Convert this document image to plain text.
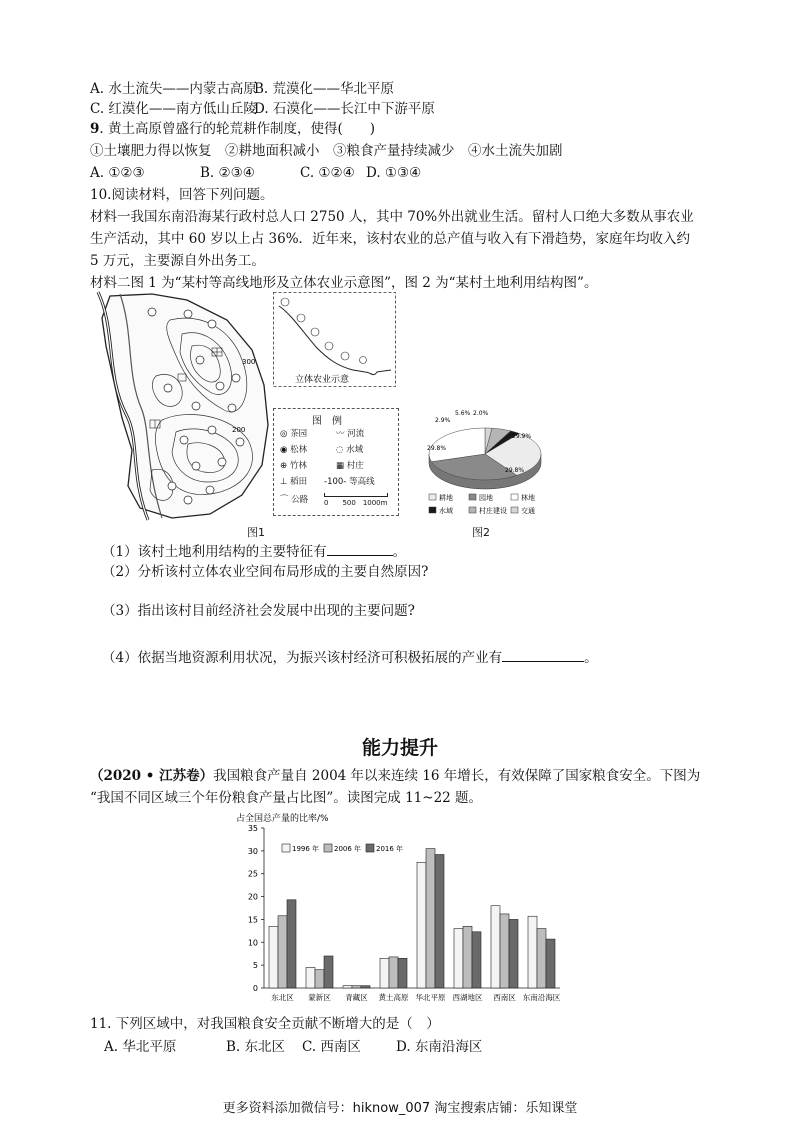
A. 水土流失——内蒙古高原
B. 荒漠化——华北平原
C. 红漠化——南方低山丘陵
D. 石漠化——长江中下游平原
9. 黄土高原曾盛行的轮荒耕作制度，使得(　　)
①土壤肥力得以恢复　②耕地面积减小　③粮食产量持续减少　④水土流失加剧
A. ①②③	B. ②③④	C. ①②④ D. ①③④
10.阅读材料，回答下列问题。
材料一我国东南沿海某行政村总人口 2750 人，其中 70%外出就业生活。留村人口绝大多数从事农业
生产活动，其中 60 岁以上占 36%．近年来，该村农业的总产值与收入有下滑趋势，家庭年均收入约
5 万元，主要源自外出务工。
材料二图 1 为“某村等高线地形及立体农业示意图”，图 2 为“某村土地利用结构图”。
300
200
立体农业示意
图　例
◎ 茶园	〰 河流
◉ 松林	◌ 水域
⊕ 竹林	▦ 村庄
⊥ 稻田 -100- 等高线
⌒ 公路 0　　500　1000m
29.9%
29.8%
29.8%
2.9%
5.6% 2.0%
耕地	园地	林地
水域	村庄建设 交通
图1	图2
（1）该村土地利用结构的主要特征有	。
（2）分析该村立体农业空间布局形成的主要自然原因?
（3）指出该村目前经济社会发展中出现的主要问题?
（4）依据当地资源利用状况，为振兴该村经济可积极拓展的产业有	。
能力提升
（2020 • 江苏卷）我国粮食产量自 2004 年以来连续 16 年增长，有效保障了国家粮食安全。下图为
“我国不同区域三个年份粮食产量占比图”。读图完成 11~22 题。
占全国总产量的比率/%
0
5
10
15
20
25
30
35
东北区 蒙新区 青藏区 黄土高原 华北平原 西湖地区 西南区 东南沿海区
1996 年 2006 年 2016 年
11. 下列区域中，对我国粮食安全贡献不断增大的是（　）
A. 华北平原	B. 东北区 C. 西南区	D. 东南沿海区
更多资料添加微信号：hiknow_007 淘宝搜索店铺：乐知课堂
